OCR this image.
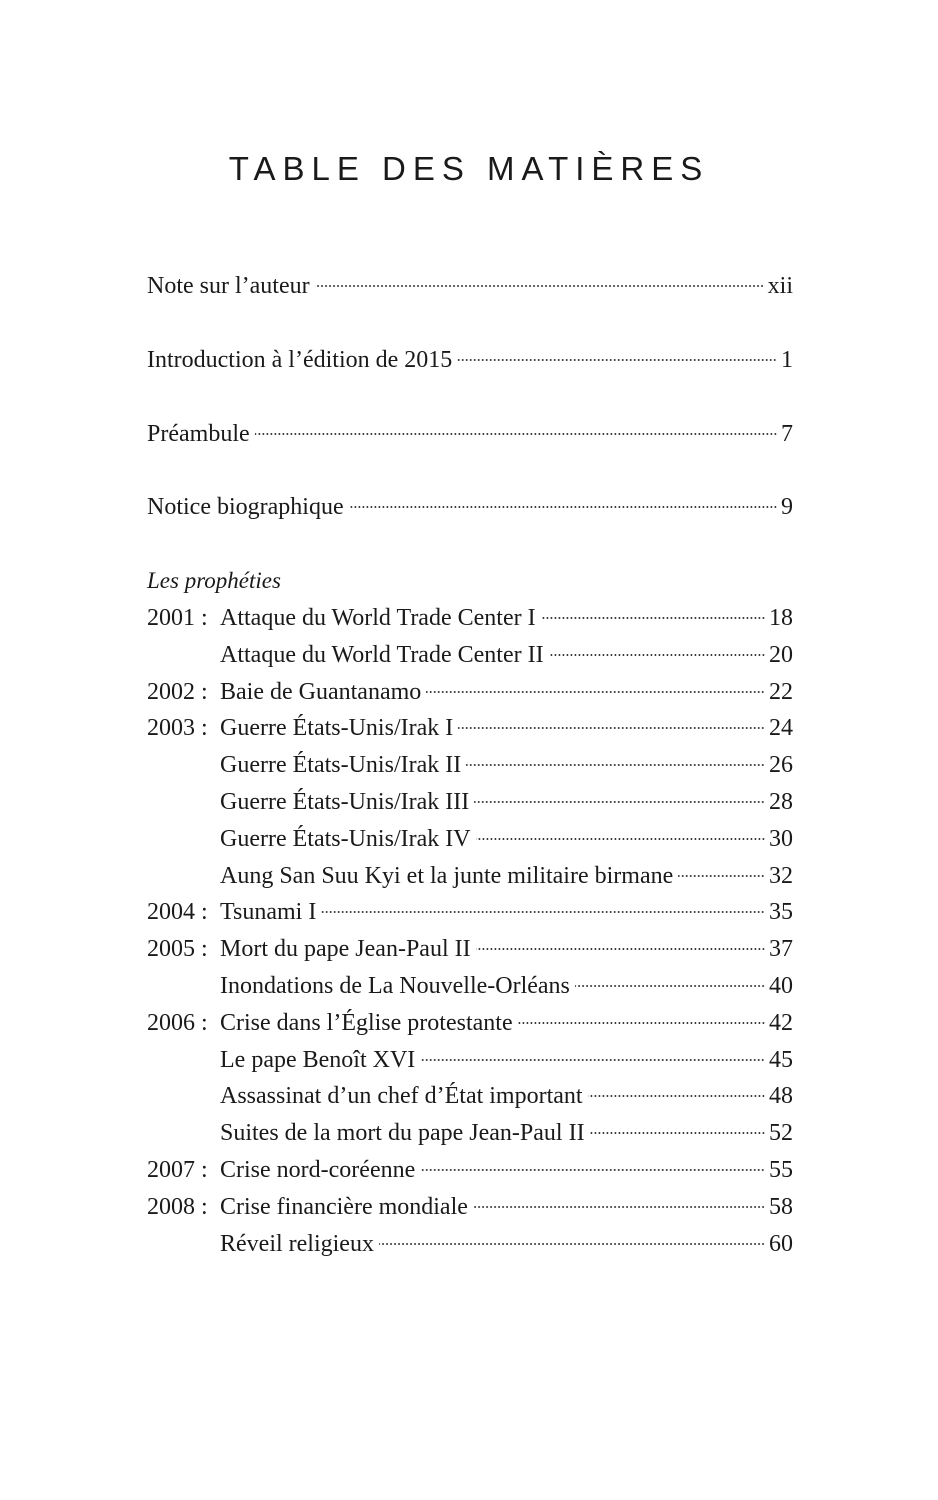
TABLE DES MATIÈRES
Note sur l’auteur	xii
Introduction à l’édition de 2015	1
Préambule	7
Notice biographique	9
Les prophéties
2001 : Attaque du World Trade Center I	18
Attaque du World Trade Center II	20
2002 : Baie de Guantanamo	22
2003 : Guerre États-Unis/Irak I	24
Guerre États-Unis/Irak II	26
Guerre États-Unis/Irak III	28
Guerre États-Unis/Irak IV	30
Aung San Suu Kyi et la junte militaire birmane	32
2004 : Tsunami I	35
2005 : Mort du pape Jean-Paul II	37
Inondations de La Nouvelle-Orléans	40
2006 : Crise dans l’Église protestante	42
Le pape Benoît XVI	45
Assassinat d’un chef d’État important	48
Suites de la mort du pape Jean-Paul II	52
2007 : Crise nord-coréenne	55
2008 : Crise financière mondiale	58
Réveil religieux	60
